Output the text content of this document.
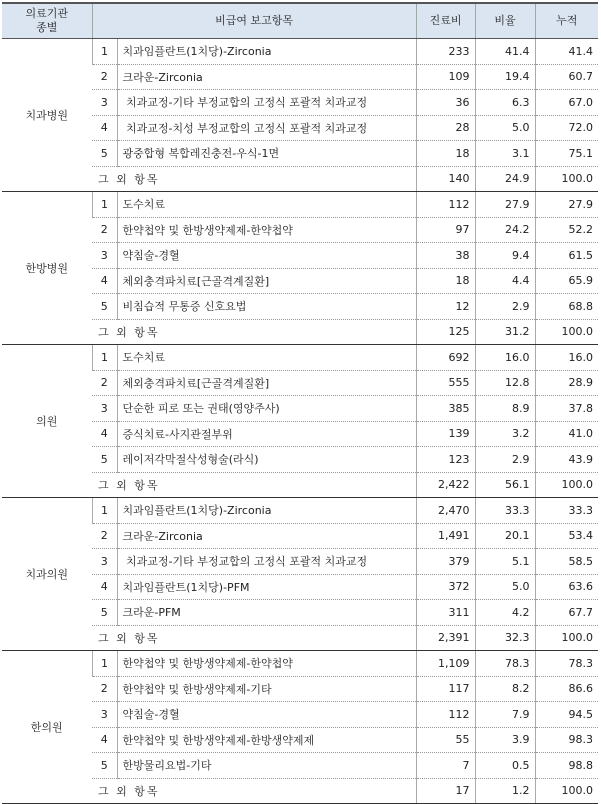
의료기관
종별	비급여 보고항목		진료비	비율	누적
치과병원	1	치과임플란트(1치당)-Zirconia	233	41.4	41.4
	2	크라운-Zirconia	109	19.4	60.7
	3	치과교정-기타 부정교합의 고정식 포괄적 치과교정	36	6.3	67.0
	4	치과교정-치성 부정교합의 고정식 포괄적 치과교정	28	5.0	72.0
	5	광중합형 복합레진충전-우식-1면	18	3.1	75.1
	그 외 항목		140	24.9	100.0
한방병원	1	도수치료	112	27.9	27.9
	2	한약첩약 및 한방생약제제-한약첩약	97	24.2	52.2
	3	약침술-경혈	38	9.4	61.5
	4	체외충격파치료[근골격계질환]	18	4.4	65.9
	5	비침습적 무통증 신호요법	12	2.9	68.8
	그 외 항목		125	31.2	100.0
의원	1	도수치료	692	16.0	16.0
	2	체외충격파치료[근골격계질환]	555	12.8	28.9
	3	단순한 피로 또는 권태(영양주사)	385	8.9	37.8
	4	증식치료-사지관절부위	139	3.2	41.0
	5	레이저각막절삭성형술(라식)	123	2.9	43.9
	그 외 항목		2,422	56.1	100.0
치과의원	1	치과임플란트(1치당)-Zirconia	2,470	33.3	33.3
	2	크라운-Zirconia	1,491	20.1	53.4
	3	치과교정-기타 부정교합의 고정식 포괄적 치과교정	379	5.1	58.5
	4	치과임플란트(1치당)-PFM	372	5.0	63.6
	5	크라운-PFM	311	4.2	67.7
	그 외 항목		2,391	32.3	100.0
한의원	1	한약첩약 및 한방생약제제-한약첩약	1,109	78.3	78.3
	2	한약첩약 및 한방생약제제-기타	117	8.2	86.6
	3	약침술-경혈	112	7.9	94.5
	4	한약첩약 및 한방생약제제-한방생약제제	55	3.9	98.3
	5	한방물리요법-기타	7	0.5	98.8
	그 외 항목		17	1.2	100.0
